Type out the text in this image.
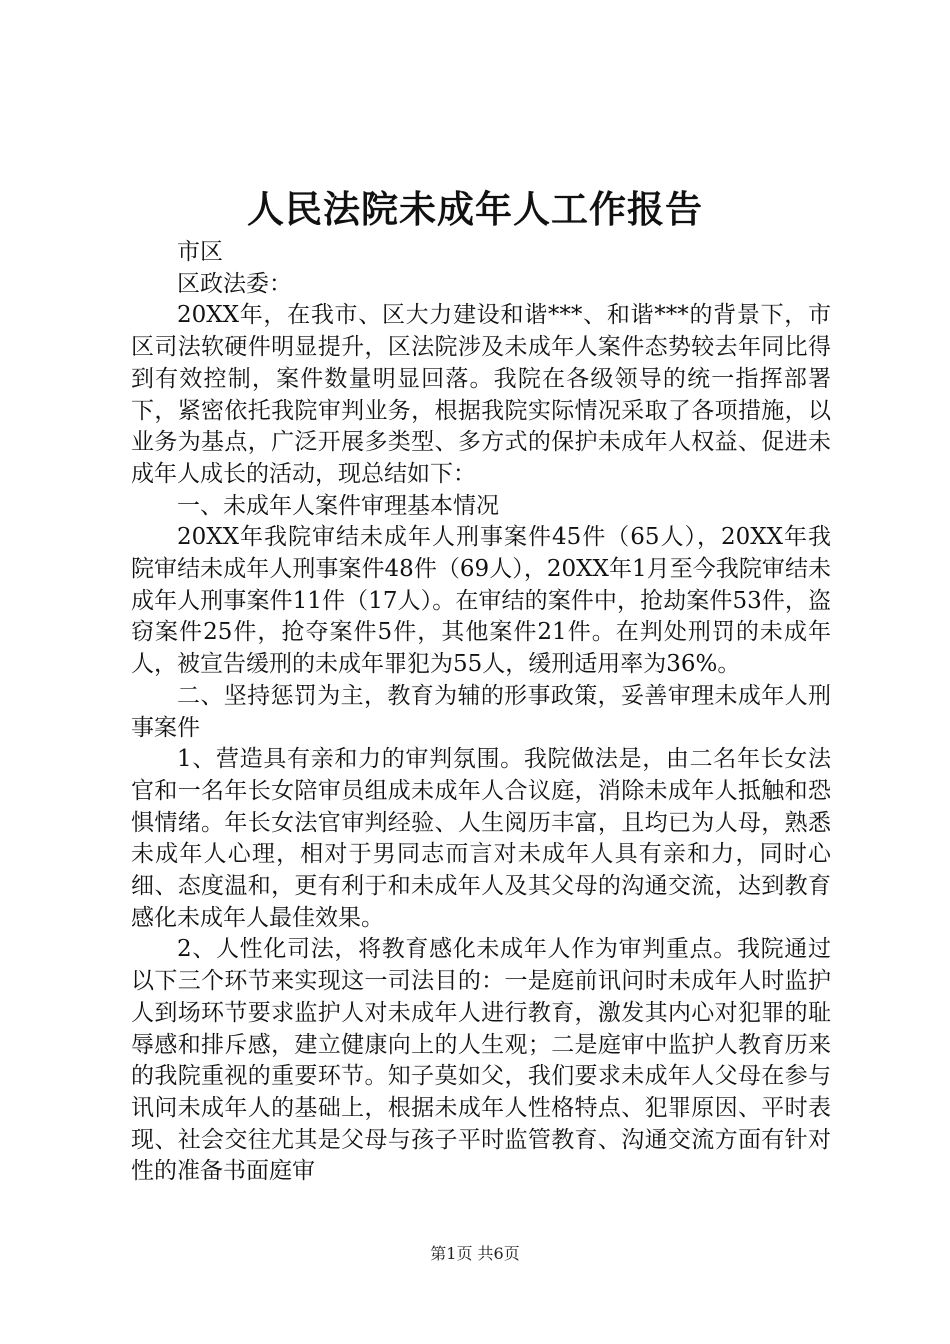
人民法院未成年人工作报告

市区

区政法委：

20XX年，在我市、区大力建设和谐***、和谐***的背景下，市区司法软硬件明显提升，区法院涉及未成年人案件态势较去年同比得到有效控制，案件数量明显回落。我院在各级领导的统一指挥部署下，紧密依托我院审判业务，根据我院实际情况采取了各项措施，以业务为基点，广泛开展多类型、多方式的保护未成年人权益、促进未成年人成长的活动，现总结如下：

一、未成年人案件审理基本情况

20XX年我院审结未成年人刑事案件45件（65人），20XX年我院审结未成年人刑事案件48件（69人），20XX年1月至今我院审结未成年人刑事案件11件（17人）。在审结的案件中，抢劫案件53件，盗窃案件25件，抢夺案件5件，其他案件21件。在判处刑罚的未成年人，被宣告缓刑的未成年罪犯为55人，缓刑适用率为36%。

二、坚持惩罚为主，教育为辅的形事政策，妥善审理未成年人刑事案件

1、营造具有亲和力的审判氛围。我院做法是，由二名年长女法官和一名年长女陪审员组成未成年人合议庭，消除未成年人抵触和恐惧情绪。年长女法官审判经验、人生阅历丰富，且均已为人母，熟悉未成年人心理，相对于男同志而言对未成年人具有亲和力，同时心细、态度温和，更有利于和未成年人及其父母的沟通交流，达到教育感化未成年人最佳效果。

2、人性化司法，将教育感化未成年人作为审判重点。我院通过以下三个环节来实现这一司法目的：一是庭前讯问时未成年人时监护人到场环节要求监护人对未成年人进行教育，激发其内心对犯罪的耻辱感和排斥感，建立健康向上的人生观；二是庭审中监护人教育历来的我院重视的重要环节。知子莫如父，我们要求未成年人父母在参与讯问未成年人的基础上，根据未成年人性格特点、犯罪原因、平时表现、社会交往尤其是父母与孩子平时监管教育、沟通交流方面有针对性的准备书面庭审

第1页 共6页
